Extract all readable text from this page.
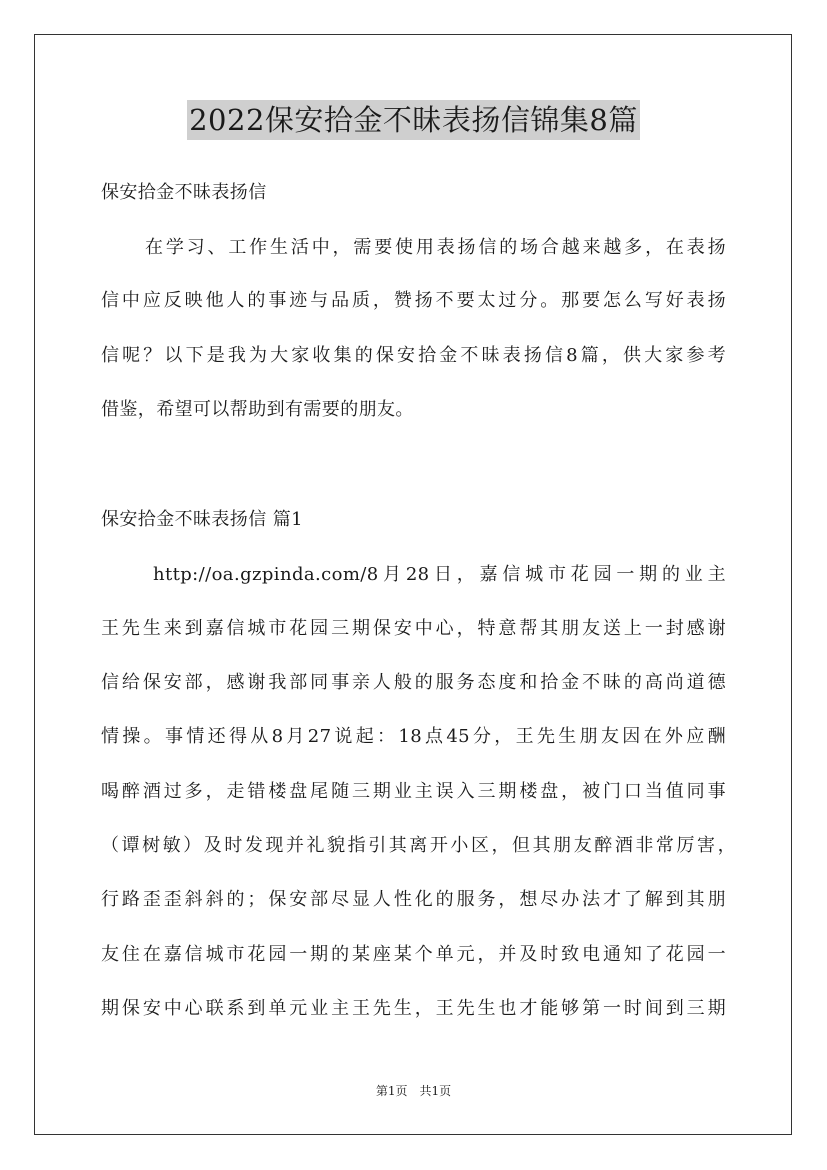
2022保安拾金不昧表扬信锦集8篇
保安拾金不昧表扬信
在学习、工作生活中，需要使用表扬信的场合越来越多，在表扬
信中应反映他人的事迹与品质，赞扬不要太过分。那要怎么写好表扬
信呢？以下是我为大家收集的保安拾金不昧表扬信8篇，供大家参考
借鉴，希望可以帮助到有需要的朋友。
保安拾金不昧表扬信 篇1
http://oa.gzpinda.com/8月28日，嘉信城市花园一期的业主
王先生来到嘉信城市花园三期保安中心，特意帮其朋友送上一封感谢
信给保安部，感谢我部同事亲人般的服务态度和拾金不昧的高尚道德
情操。事情还得从8月27说起：18点45分，王先生朋友因在外应酬
喝醉酒过多，走错楼盘尾随三期业主误入三期楼盘，被门口当值同事
（谭树敏）及时发现并礼貌指引其离开小区，但其朋友醉酒非常厉害，
行路歪歪斜斜的；保安部尽显人性化的服务，想尽办法才了解到其朋
友住在嘉信城市花园一期的某座某个单元，并及时致电通知了花园一
期保安中心联系到单元业主王先生，王先生也才能够第一时间到三期
第1页　共1页
